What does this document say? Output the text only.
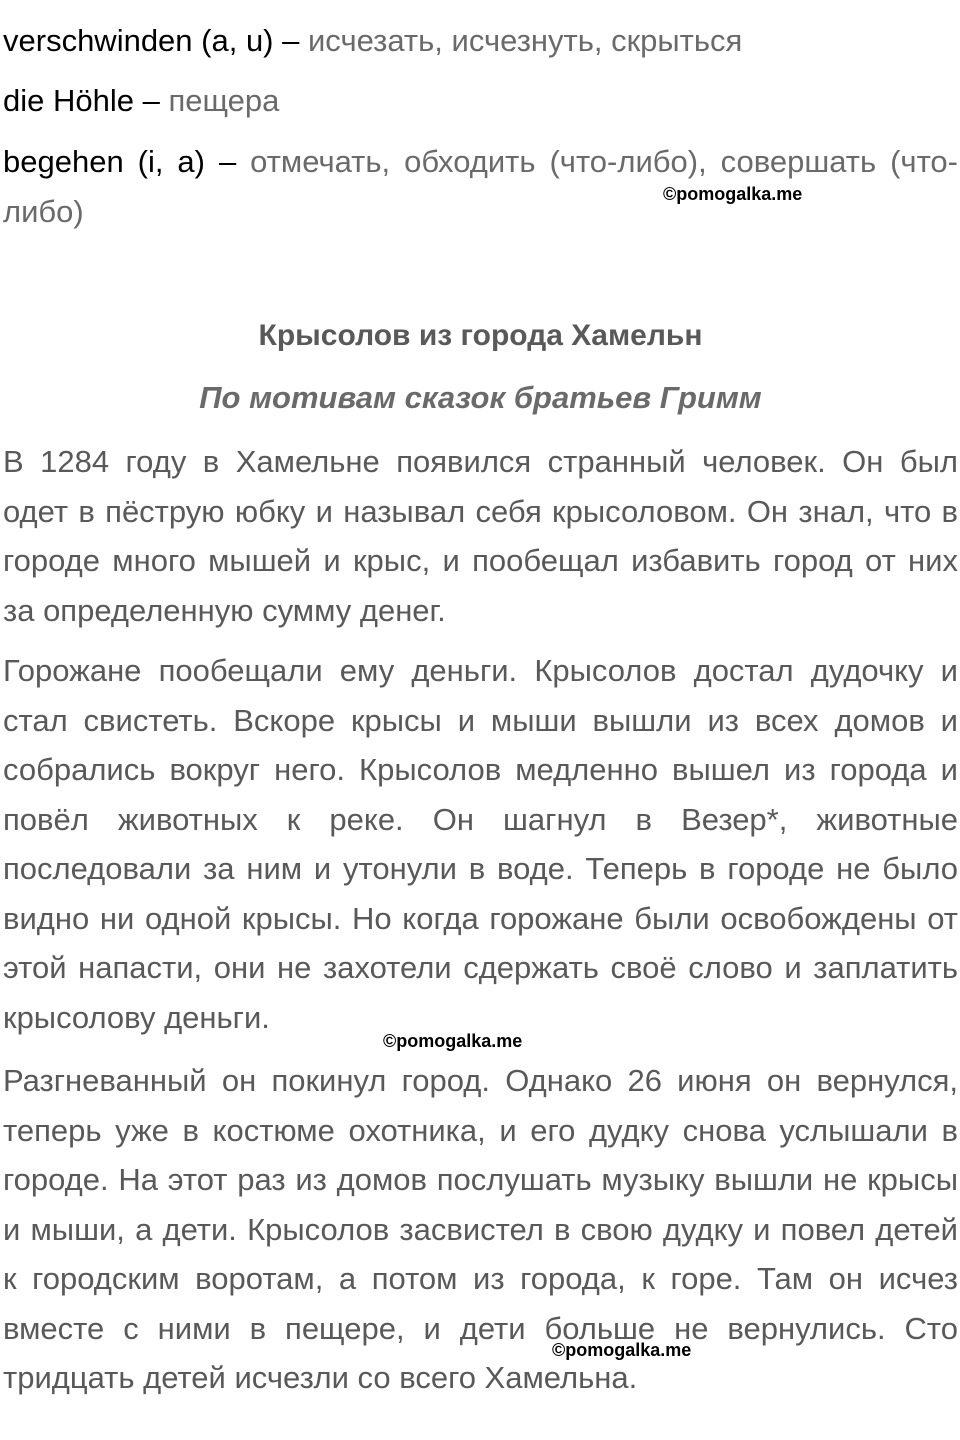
verschwinden (a, u) – исчезать, исчезнуть, скрыться

die Höhle – пещера

begehen (i, a) – отмечать, обходить (что-либо), совершать (что-либо)	©pomogalka.me
Крысолов из города Хамельн
По мотивам сказок братьев Гримм

В 1284 году в Хамельне появился странный человек. Он был одет в пёструю юбку и называл себя крысоловом. Он знал, что в городе много мышей и крыс, и пообещал избавить город от них за определенную сумму денег.

Горожане пообещали ему деньги. Крысолов достал дудочку и стал свистеть. Вскоре крысы и мыши вышли из всех домов и собрались вокруг него. Крысолов медленно вышел из города и повёл животных к реке. Он шагнул в Везер*, животные последовали за ним и утонули в воде. Теперь в городе не было видно ни одной крысы. Но когда горожане были освобождены от этой напасти, они не захотели сдержать своё слово и заплатить крысолову деньги.

©pomogalka.me

Разгневанный он покинул город. Однако 26 июня он вернулся, теперь уже в костюме охотника, и его дудку снова услышали в городе. На этот раз из домов послушать музыку вышли не крысы и мыши, а дети. Крысолов засвистел в свою дудку и повел детей к городским воротам, а потом из города, к горе. Там он исчез вместе с ними в пещере, и дети больше не вернулись. Сто тридцать детей исчезли со всего Хамельна.

©pomogalka.me
